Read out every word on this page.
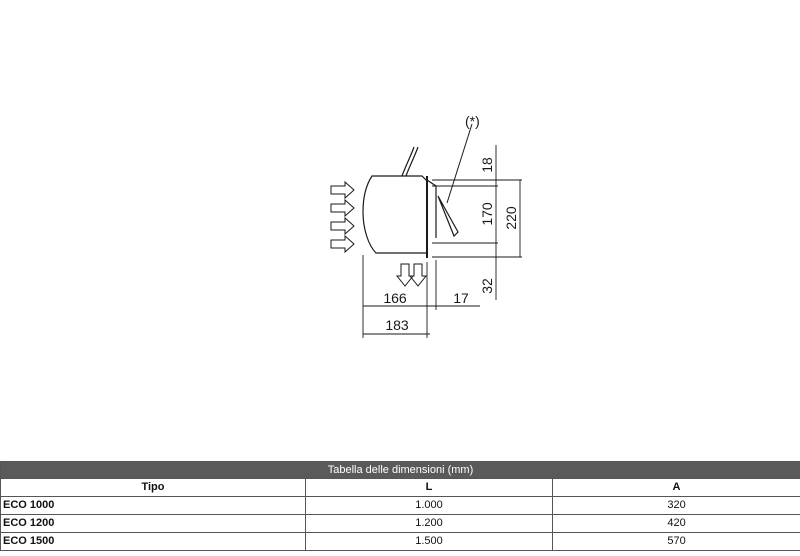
(*)
18
170 220
32
166	17
183
Tabella delle dimensioni (mm)		
Tipo	L	A
ECO 1000	1.000	320
ECO 1200	1.200	420
ECO 1500	1.500	570
